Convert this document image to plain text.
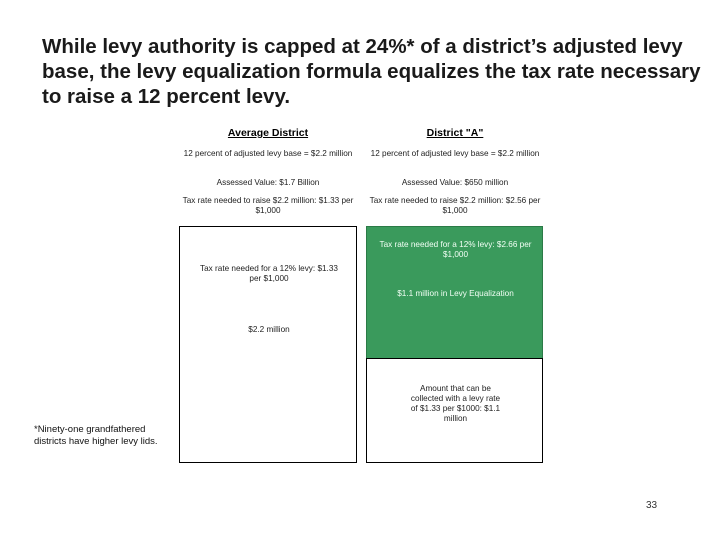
While levy authority is capped at 24%* of a district’s adjusted levy base, the levy equalization formula equalizes the tax rate necessary to raise a 12 percent levy.
Average District
12 percent of adjusted levy base = $2.2 million
Assessed Value: $1.7 Billion
Tax rate needed to raise $2.2 million: $1.33 per $1,000
District "A"
12 percent of adjusted levy base = $2.2 million
Assessed Value: $650 million
Tax rate needed to raise $2.2 million: $2.56 per $1,000
Tax rate needed for a 12% levy: $1.33 per $1,000
$2.2 million
Tax rate needed for a 12% levy: $2.66 per $1,000
$1.1 million in Levy Equalization
Amount that can be collected with a levy rate of $1.33 per $1000: $1.1 million
*Ninety-one grandfathered districts have higher levy lids.
33
